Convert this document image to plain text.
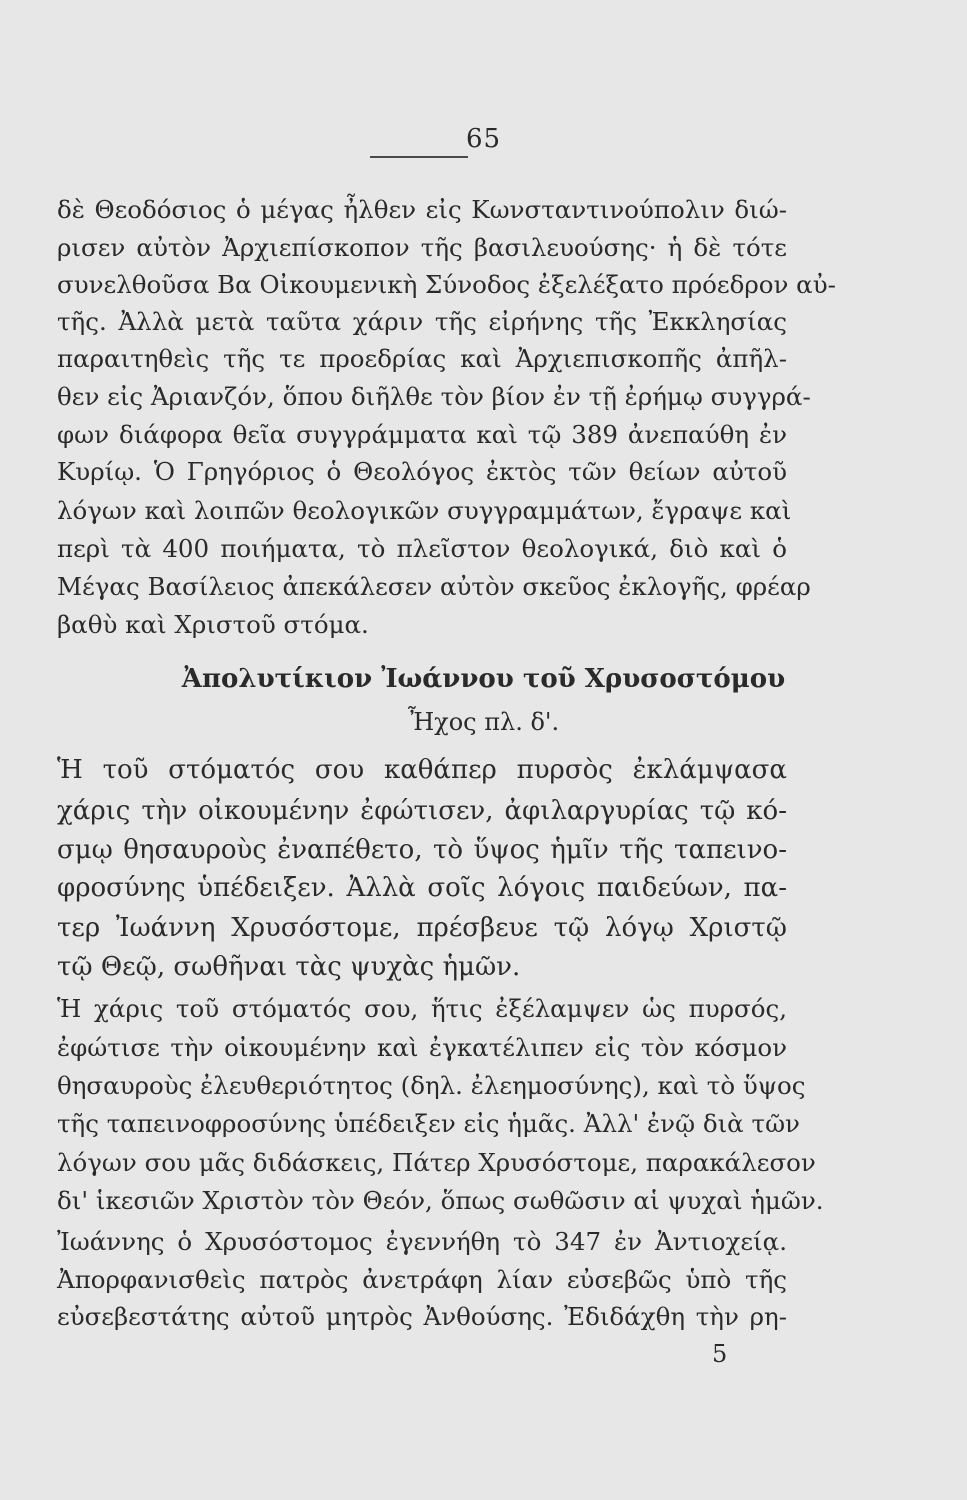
65
δὲ Θεοδόσιος ὁ μέγας ἦλθεν εἰς Κωνσταντινούπολιν διώ-
ρισεν αὐτὸν Ἀρχιεπίσκοπον τῆς βασιλευούσης· ἡ δὲ τότε
συνελθοῦσα Βα Οἰκουμενικὴ Σύνοδος ἐξελέξατο πρόεδρον αὐ-
τῆς. Ἀλλὰ μετὰ ταῦτα χάριν τῆς εἰρήνης τῆς Ἐκκλησίας
παραιτηθεὶς τῆς τε προεδρίας καὶ Ἀρχιεπισκοπῆς ἀπῆλ-
θεν εἰς Ἀριανζόν, ὅπου διῆλθε τὸν βίον ἐν τῇ ἐρήμῳ συγγρά-
φων διάφορα θεῖα συγγράμματα καὶ τῷ 389 ἀνεπαύθη ἐν
Κυρίῳ. Ὁ Γρηγόριος ὁ Θεολόγος ἐκτὸς τῶν θείων αὐτοῦ
λόγων καὶ λοιπῶν θεολογικῶν συγγραμμάτων, ἔγραψε καὶ
περὶ τὰ 400 ποιήματα, τὸ πλεῖστον θεολογικά, διὸ καὶ ὁ
Μέγας Βασίλειος ἀπεκάλεσεν αὐτὸν σκεῦος ἐκλογῆς, φρέαρ
βαθὺ καὶ Χριστοῦ στόμα.
Ἀπολυτίκιον Ἰωάννου τοῦ Χρυσοστόμου
Ἦχος πλ. δ'.
Ἡ τοῦ στόματός σου καθάπερ πυρσὸς ἐκλάμψασα
χάρις τὴν οἰκουμένην ἐφώτισεν, ἀφιλαργυρίας τῷ κό-
σμῳ θησαυροὺς ἐναπέθετο, τὸ ὕψος ἡμῖν τῆς ταπεινο-
φροσύνης ὑπέδειξεν. Ἀλλὰ σοῖς λόγοις παιδεύων, πα-
τερ Ἰωάννη Χρυσόστομε, πρέσβευε τῷ λόγῳ Χριστῷ
τῷ Θεῷ, σωθῆναι τὰς ψυχὰς ἡμῶν.
Ἡ χάρις τοῦ στόματός σου, ἥτις ἐξέλαμψεν ὡς πυρσός,
ἐφώτισε τὴν οἰκουμένην καὶ ἐγκατέλιπεν εἰς τὸν κόσμον
θησαυροὺς ἐλευθεριότητος (δηλ. ἐλεημοσύνης), καὶ τὸ ὕψος
τῆς ταπεινοφροσύνης ὑπέδειξεν εἰς ἡμᾶς. Ἀλλ' ἐνῷ διὰ τῶν
λόγων σου μᾶς διδάσκεις, Πάτερ Χρυσόστομε, παρακάλεσον
δι' ἱκεσιῶν Χριστὸν τὸν Θεόν, ὅπως σωθῶσιν αἱ ψυχαὶ ἡμῶν.
Ἰωάννης ὁ Χρυσόστομος ἐγεννήθη τὸ 347 ἐν Ἀντιοχείᾳ.
Ἀπορφανισθεὶς πατρὸς ἀνετράφη λίαν εὐσεβῶς ὑπὸ τῆς
εὐσεβεστάτης αὐτοῦ μητρὸς Ἀνθούσης. Ἐδιδάχθη τὴν ρη-
5
